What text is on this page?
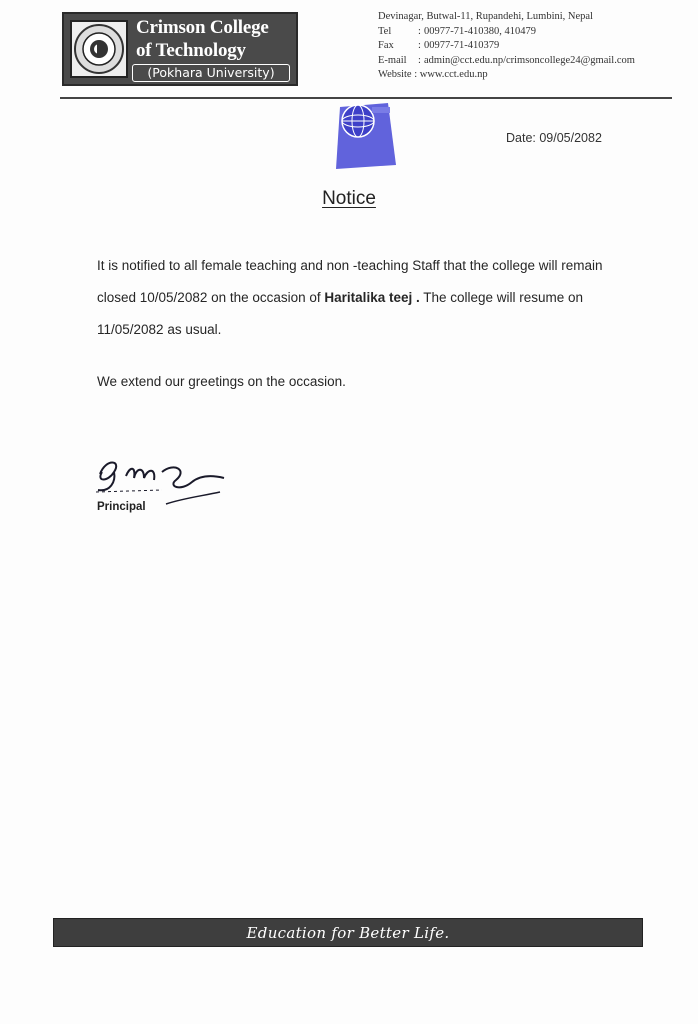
Crimson College
of Technology
(Pokhara University)
Devinagar, Butwal-11, Rupandehi, Lumbini, Nepal
Tel	: 00977-71-410380, 410479
Fax	: 00977-71-410379
E-mail	: admin@cct.edu.np/crimsoncollege24@gmail.com
Website : www.cct.edu.np
Date: 09/05/2082
Notice

It is notified to all female teaching and non -teaching Staff that the college will remain closed 10/05/2082 on the occasion of Haritalika teej . The college will resume on 11/05/2082 as usual.

We extend our greetings on the occasion.

Principal
Education for Better Life.
